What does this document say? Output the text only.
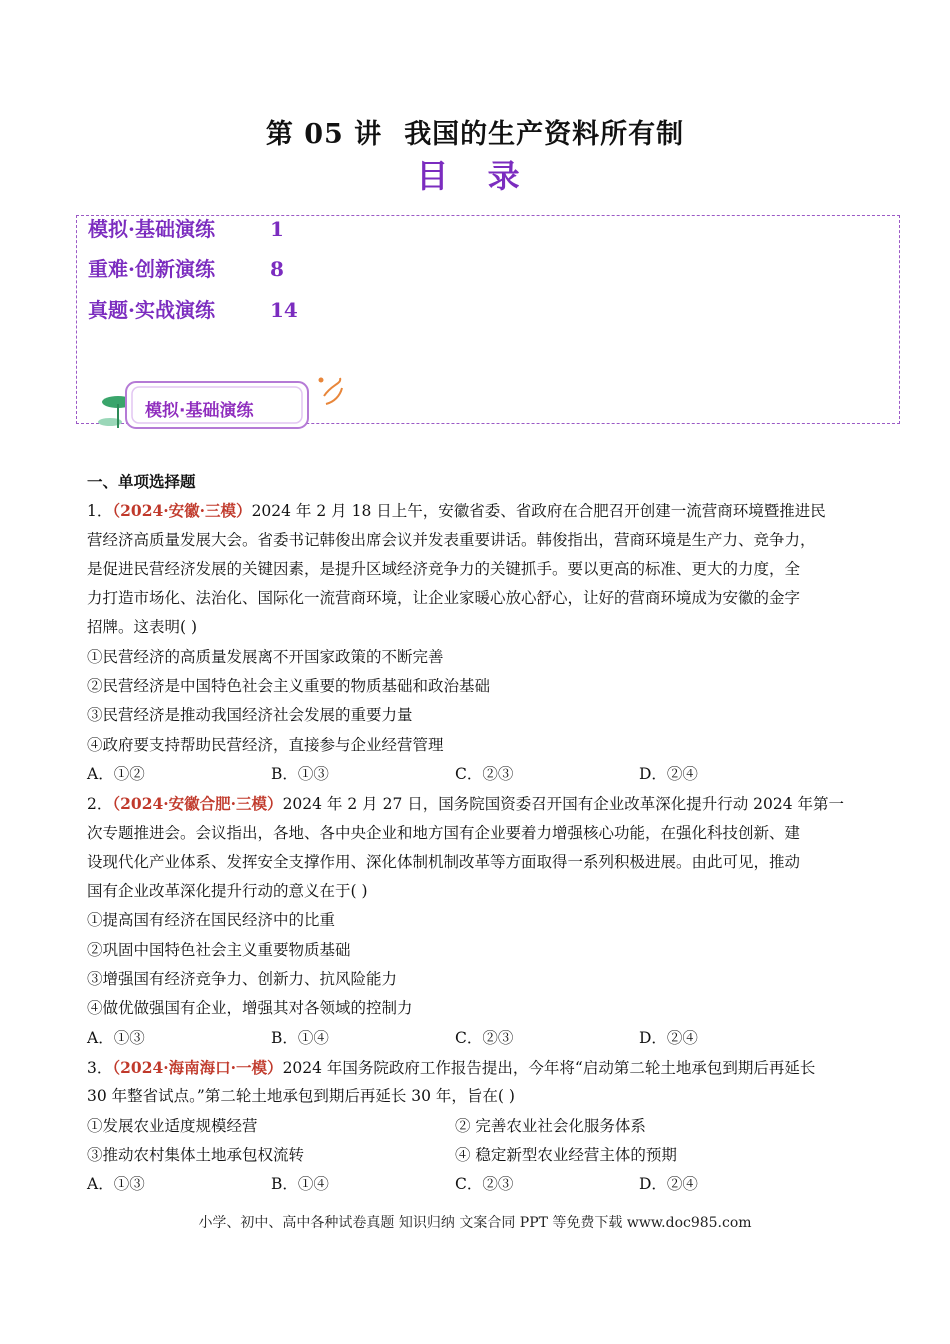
第 05 讲 我国的生产资料所有制
目 录
模拟·基础演练	1
重难·创新演练	8
真题·实战演练	14
模拟·基础演练
一、单项选择题
1．（2024·安徽·三模）2024 年 2 月 18 日上午，安徽省委、省政府在合肥召开创建一流营商环境暨推进民
营经济高质量发展大会。省委书记韩俊出席会议并发表重要讲话。韩俊指出，营商环境是生产力、竞争力，
是促进民营经济发展的关键因素，是提升区域经济竞争力的关键抓手。要以更高的标准、更大的力度，全
力打造市场化、法治化、国际化一流营商环境，让企业家暖心放心舒心，让好的营商环境成为安徽的金字
招牌。这表明( )
①民营经济的高质量发展离不开国家政策的不断完善
②民营经济是中国特色社会主义重要的物质基础和政治基础
③民营经济是推动我国经济社会发展的重要力量
④政府要支持帮助民营经济，直接参与企业经营管理
A．①②	B．①③	C．②③	D．②④
2．（2024·安徽合肥·三模）2024 年 2 月 27 日，国务院国资委召开国有企业改革深化提升行动 2024 年第一
次专题推进会。会议指出，各地、各中央企业和地方国有企业要着力增强核心功能，在强化科技创新、建
设现代化产业体系、发挥安全支撑作用、深化体制机制改革等方面取得一系列积极进展。由此可见，推动
国有企业改革深化提升行动的意义在于( )
①提高国有经济在国民经济中的比重
②巩固中国特色社会主义重要物质基础
③增强国有经济竞争力、创新力、抗风险能力
④做优做强国有企业，增强其对各领域的控制力
A．①③	B．①④	C．②③	D．②④
3．（2024·海南海口·一模）2024 年国务院政府工作报告提出，今年将“启动第二轮土地承包到期后再延长
30 年整省试点。”第二轮土地承包到期后再延长 30 年，旨在( )
①发展农业适度规模经营	② 完善农业社会化服务体系
③推动农村集体土地承包权流转	④ 稳定新型农业经营主体的预期
A．①③	B．①④	C．②③	D．②④
小学、初中、高中各种试卷真题 知识归纳 文案合同 PPT 等免费下载 www.doc985.com
